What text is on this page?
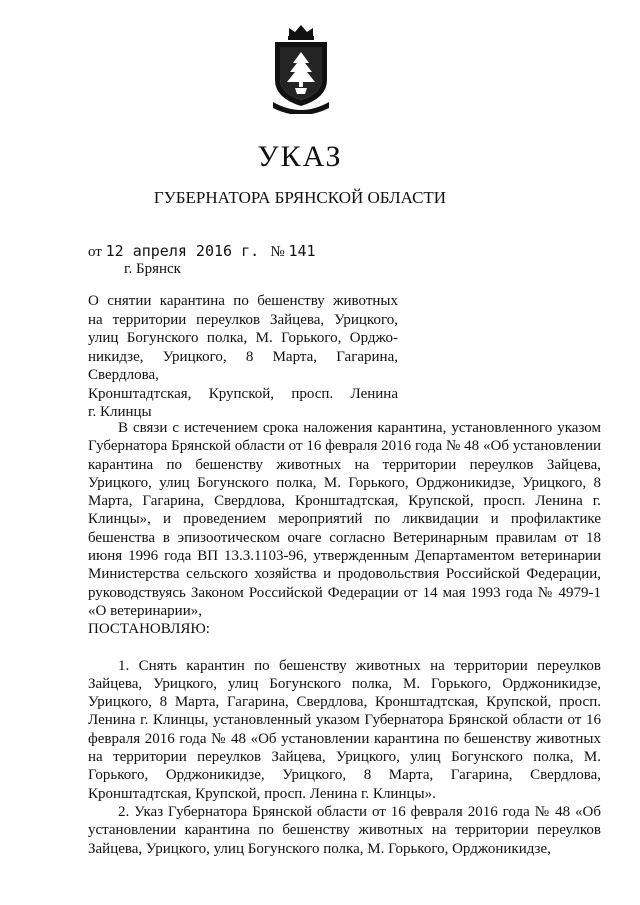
УКАЗ
ГУБЕРНАТОРА БРЯНСКОЙ ОБЛАСТИ
от 12 апреля 2016 г. № 141
г. Брянск
О снятии карантина по бешенству животных
на территории переулков Зайцева, Урицкого,
улиц Богунского полка, М. Горького, Орджо-
никидзе, Урицкого, 8 Марта, Гагарина, Свердлова,
Кронштадтская, Крупской, просп. Ленина
г. Клинцы

В связи с истечением срока наложения карантина, установленного указом Губернатора Брянской области от 16 февраля 2016 года № 48 «Об установлении карантина по бешенству животных на территории переулков Зайцева, Урицкого, улиц Богунского полка, М. Горького, Орджоникидзе, Урицкого, 8 Марта, Гагарина, Свердлова, Кронштадтская, Крупской, просп. Ленина г. Клинцы», и проведением мероприятий по ликвидации и профилактике бешенства в эпизоотическом очаге согласно Ветеринарным правилам от 18 июня 1996 года ВП 13.3.1103-96, утвержденным Департаментом ветеринарии Министерства сельского хозяйства и продовольствия Российской Федерации, руководствуясь Законом Российской Федерации от 14 мая 1993 года № 4979-1 «О ветеринарии»,

ПОСТАНОВЛЯЮ:

1. Снять карантин по бешенству животных на территории переулков Зайцева, Урицкого, улиц Богунского полка, М. Горького, Орджоникидзе, Урицкого, 8 Марта, Гагарина, Свердлова, Кронштадтская, Крупской, просп. Ленина г. Клинцы, установленный указом Губернатора Брянской области от 16 февраля 2016 года № 48 «Об установлении карантина по бешенству животных на территории переулков Зайцева, Урицкого, улиц Богунского полка, М. Горького, Орджоникидзе, Урицкого, 8 Марта, Гагарина, Свердлова, Кронштадтская, Крупской, просп. Ленина г. Клинцы».

2. Указ Губернатора Брянской области от 16 февраля 2016 года № 48 «Об установлении карантина по бешенству животных на территории переулков Зайцева, Урицкого, улиц Богунского полка, М. Горького, Орджоникидзе,
